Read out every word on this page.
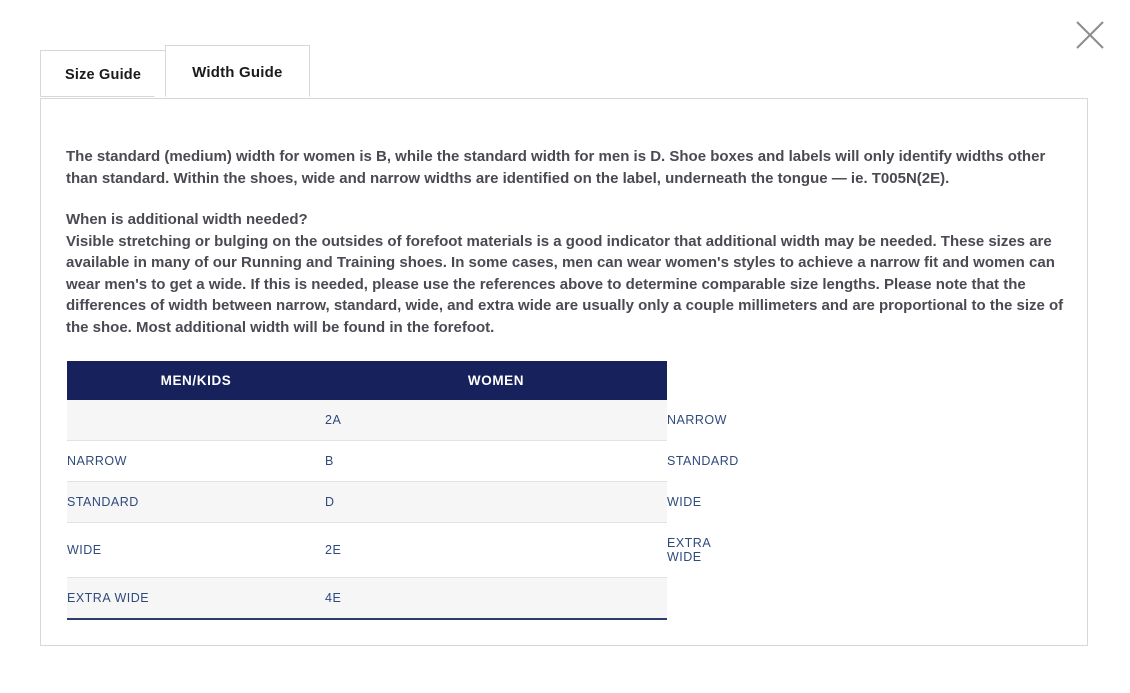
Size Guide	Width Guide

The standard (medium) width for women is B, while the standard width for men is D. Shoe boxes and labels will only identify widths other than standard. Within the shoes, wide and narrow widths are identified on the label, underneath the tongue — ie. T005N(2E).

When is additional width needed?
Visible stretching or bulging on the outsides of forefoot materials is a good indicator that additional width may be needed. These sizes are available in many of our Running and Training shoes. In some cases, men can wear women's styles to achieve a narrow fit and women can wear men's to get a wide. If this is needed, please use the references above to determine comparable size lengths. Please note that the differences of width between narrow, standard, wide, and extra wide are usually only a couple millimeters and are proportional to the size of the shoe. Most additional width will be found in the forefoot.

MEN/KIDS	WOMEN	
	2A	NARROW
NARROW	B	STANDARD
STANDARD	D	WIDE
WIDE	2E	EXTRA WIDE
EXTRA WIDE	4E	
